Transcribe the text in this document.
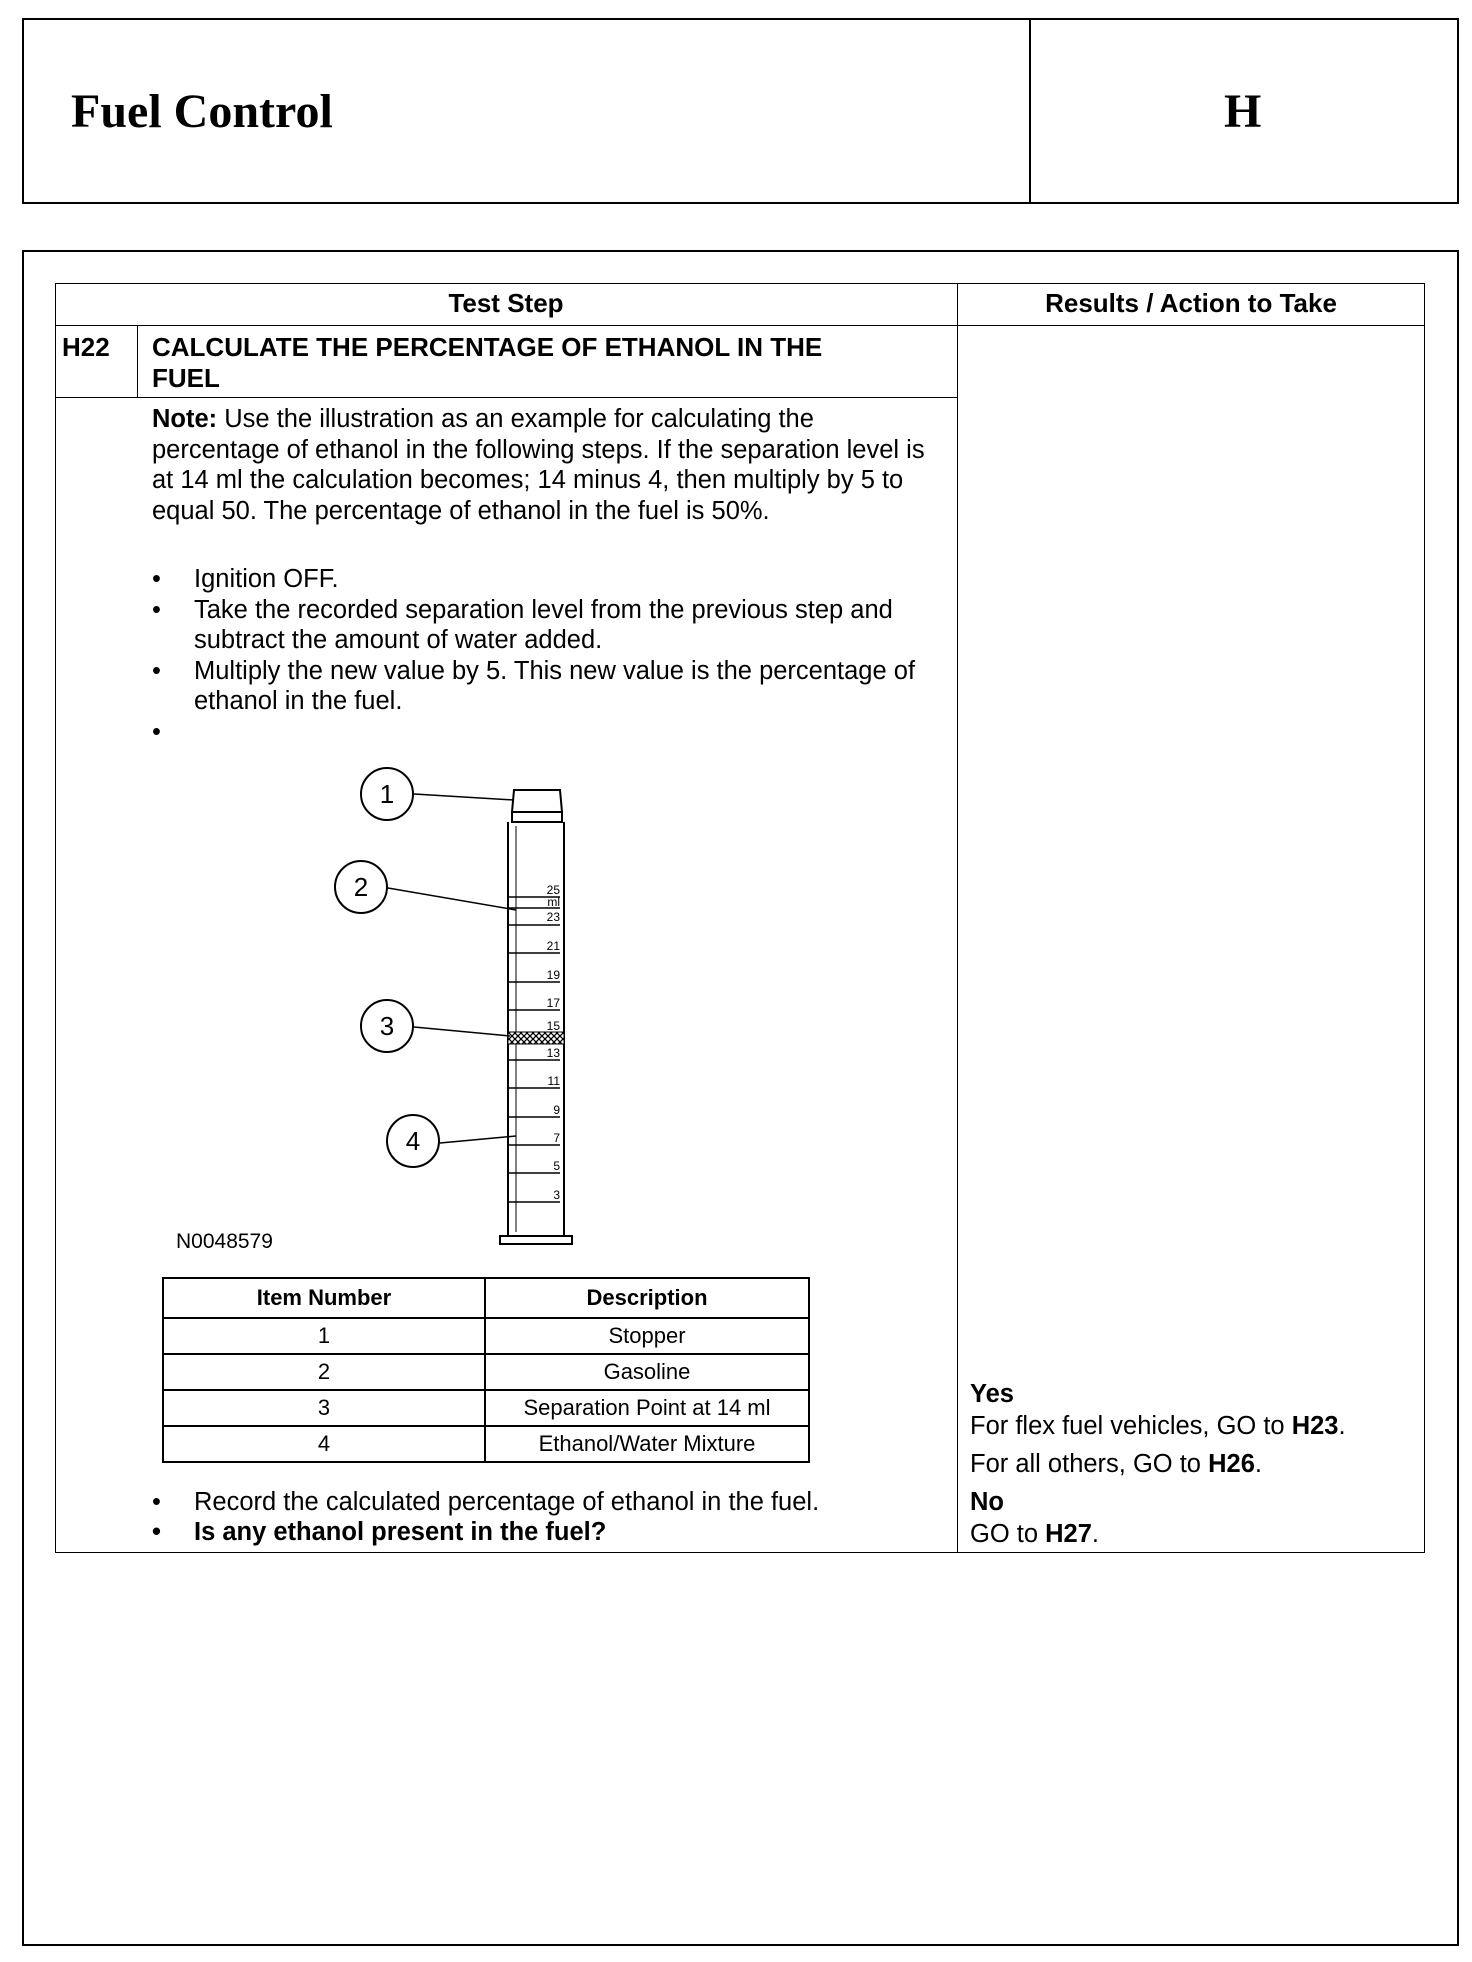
Fuel Control	H
Test Step	Results / Action to Take
H22 CALCULATE THE PERCENTAGE OF ETHANOL IN THE
FUEL
Note: Use the illustration as an example for calculating the percentage of ethanol in the following steps. If the separation level is at 14 ml the calculation becomes; 14 minus 4, then multiply by 5 to equal 50. The percentage of ethanol in the fuel is 50%.
• Ignition OFF.
• Take the recorded separation level from the previous step and subtract the amount of water added.
• Multiply the new value by 5. This new value is the percentage of ethanol in the fuel.
•

25
ml
23
21
19
17
15
13
11
9
7
5
3
1
2
3
4
N0048579
Item Number	Description
1	Stopper
2	Gasoline
3	Separation Point at 14 ml
4	Ethanol/Water Mixture
• Record the calculated percentage of ethanol in the fuel.
• Is any ethanol present in the fuel?
Yes
For flex fuel vehicles, GO to H23.
For all others, GO to H26.
No
GO to H27.
